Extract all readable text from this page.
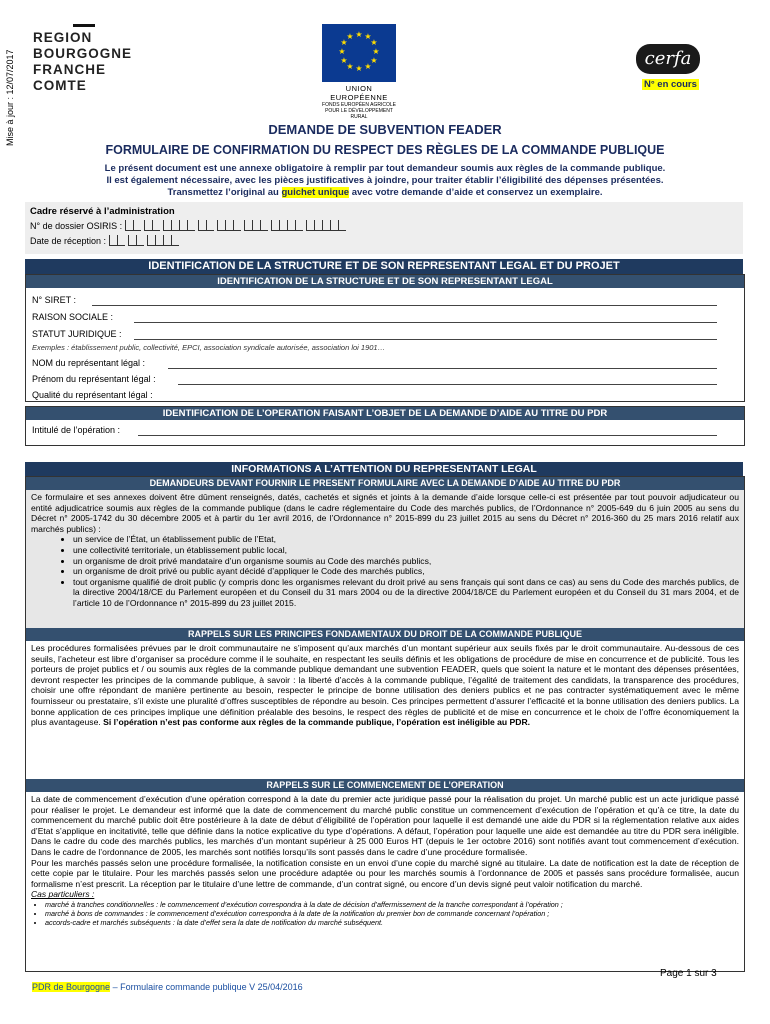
Mise à jour : 12/07/2017
REGION
BOURGOGNE
FRANCHE
COMTE
★ ★
★
★
★
★
★
★
★
★
★
★
UNION EUROPÉENNE
FONDS EUROPÉEN AGRICOLE POUR LE DÉVELOPPEMENT RURAL
cerfa
N° en cours
DEMANDE DE SUBVENTION FEADER
FORMULAIRE DE CONFIRMATION DU RESPECT DES RÈGLES DE LA COMMANDE PUBLIQUE
Le présent document est une annexe obligatoire à remplir par tout demandeur soumis aux règles de la commande publique.
Il est également nécessaire, avec les pièces justificatives à joindre, pour traiter établir l’éligibilité des dépenses présentées.
Transmettez l’original au guichet unique avec votre demande d’aide et conservez un exemplaire.
Cadre réservé à l’administration
N° de dossier OSIRIS :
Date de réception :
IDENTIFICATION DE LA STRUCTURE ET DE SON REPRESENTANT LEGAL ET DU PROJET
IDENTIFICATION DE LA STRUCTURE ET DE SON REPRESENTANT LEGAL
N° SIRET :
RAISON SOCIALE :
STATUT JURIDIQUE :
Exemples : établissement public, collectivité, EPCI, association syndicale autorisée, association loi 1901…
NOM du représentant légal :
Prénom du représentant légal :
Qualité du représentant légal :
IDENTIFICATION DE L’OPERATION FAISANT L’OBJET DE LA DEMANDE D’AIDE AU TITRE DU PDR
Intitulé de l’opération :
INFORMATIONS A L’ATTENTION DU REPRESENTANT LEGAL
DEMANDEURS DEVANT FOURNIR LE PRESENT FORMULAIRE AVEC LA DEMANDE D’AIDE AU TITRE DU PDR
Ce formulaire et ses annexes doivent être dûment renseignés, datés, cachetés et signés et joints à la demande d’aide lorsque celle-ci est présentée par tout pouvoir adjudicateur ou entité adjudicatrice soumis aux règles de la commande publique (dans le cadre réglementaire du Code des marchés publics, de l’Ordonnance n° 2005-649 du 6 juin 2005 au sens du Décret n° 2005-1742 du 30 décembre 2005 et à partir du 1er avril 2016, de l’Ordonnance n° 2015-899 du 23 juillet 2015 au sens du Décret n° 2016-360 du 25 mars 2016 relatif aux marchés publics) :
• un service de l’État, un établissement public de l’Etat,
• une collectivité territoriale, un établissement public local,
• un organisme de droit privé mandataire d’un organisme soumis au Code des marchés publics,
• un organisme de droit privé ou public ayant décidé d’appliquer le Code des marchés publics,
• tout organisme qualifié de droit public (y compris donc les organismes relevant du droit privé au sens français qui sont dans ce cas) au sens du Code des marchés publics, de la directive 2004/18/CE du Parlement européen et du Conseil du 31 mars 2004 ou de la directive 2004/18/CE du Parlement européen et du Conseil du 31 mars 2004, et de l’article 10 de l’Ordonnance n° 2015-899 du 23 juillet 2015.
RAPPELS SUR LES PRINCIPES FONDAMENTAUX DU DROIT DE LA COMMANDE PUBLIQUE
Les procédures formalisées prévues par le droit communautaire ne s’imposent qu’aux marchés d’un montant supérieur aux seuils fixés par le droit communautaire. Au-dessous de ces seuils, l’acheteur est libre d’organiser sa procédure comme il le souhaite, en respectant les seuils définis et les obligations de procédure de mise en concurrence et de publicité. Tous les porteurs de projet publics et / ou soumis aux règles de la commande publique demandant une subvention FEADER, quels que soient la nature et le montant des dépenses présentées, devront respecter les principes de la commande publique, à savoir : la liberté d’accès à la commande publique, l’égalité de traitement des candidats, la transparence des procédures, choisir une offre répondant de manière pertinente au besoin, respecter le principe de bonne utilisation des deniers publics et ne pas contracter systématiquement avec le même fournisseur ou prestataire, s’il existe une pluralité d’offres susceptibles de répondre au besoin. Ces principes permettent d’assurer l’efficacité et la bonne utilisation des deniers publics. La bonne application de ces principes implique une définition préalable des besoins, le respect des règles de publicité et de mise en concurrence et le choix de l’offre économiquement la plus avantageuse. Si l’opération n’est pas conforme aux règles de la commande publique, l’opération est inéligible au PDR.
RAPPELS SUR LE COMMENCEMENT DE L’OPERATION
La date de commencement d’exécution d’une opération correspond à la date du premier acte juridique passé pour la réalisation du projet. Un marché public est un acte juridique passé pour réaliser le projet. Le demandeur est informé que la date de commencement du marché public constitue un commencement d’exécution de l’opération et qu’à ce titre, la date du commencement du marché public doit être postérieure à la date de début d’éligibilité de l’opération pour laquelle il est demandé une aide du PDR si la réglementation relative aux aides d’Etat s’applique en incitativité, telle que définie dans la notice explicative du type d’opérations. A défaut, l’opération pour laquelle une aide est demandée au titre du PDR sera inéligible. Dans le cadre du code des marchés publics, les marchés d’un montant supérieur à 25 000 Euros HT (depuis le 1er octobre 2016) sont notifiés avant tout commencement d’exécution. Dans le cadre de l’ordonnance de 2005, les marchés sont notifiés lorsqu’ils sont passés dans le cadre d’une procédure formalisée.
Pour les marchés passés selon une procédure formalisée, la notification consiste en un envoi d’une copie du marché signé au titulaire. La date de notification est la date de réception de cette copie par le titulaire. Pour les marchés passés selon une procédure adaptée ou pour les marchés soumis à l’ordonnance de 2005 et passés sans procédure formalisée, aucun formalisme n’est prescrit. La réception par le titulaire d’une lettre de commande, d’un contrat signé, ou encore d’un devis signé peut valoir notification du marché.
Cas particuliers :
• marché à tranches conditionnelles : le commencement d’exécution correspondra à la date de décision d’affermissement de la tranche correspondant à l’opération ;
• marché à bons de commandes : le commencement d’exécution correspondra à la date de la notification du premier bon de commande concernant l’opération ;
• accords-cadre et marchés subséquents : la date d’effet sera la date de notification du marché subséquent.
Page 1 sur 3
PDR de Bourgogne – Formulaire commande publique V 25/04/2016
